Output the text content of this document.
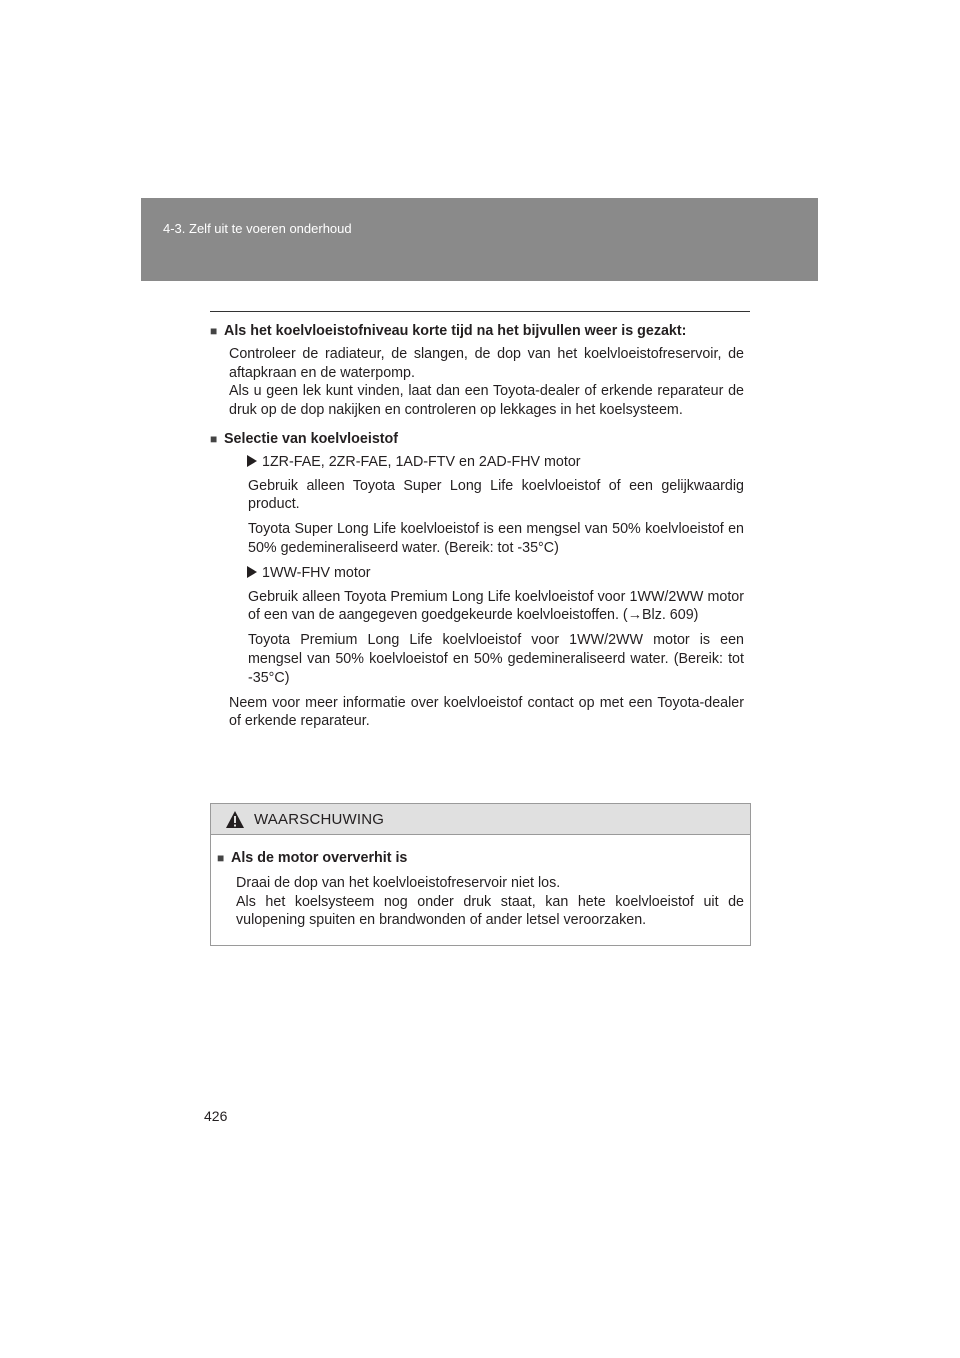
4-3. Zelf uit te voeren onderhoud
■ Als het koelvloeistofniveau korte tijd na het bijvullen weer is gezakt:
Controleer de radiateur, de slangen, de dop van het koelvloeistofreservoir, de aftapkraan en de waterpomp.
Als u geen lek kunt vinden, laat dan een Toyota-dealer of erkende reparateur de druk op de dop nakijken en controleren op lekkages in het koelsysteem.
■ Selectie van koelvloeistof
1ZR-FAE, 2ZR-FAE, 1AD-FTV en 2AD-FHV motor
Gebruik alleen Toyota Super Long Life koelvloeistof of een gelijkwaardig product.
Toyota Super Long Life koelvloeistof is een mengsel van 50% koelvloeistof en 50% gedemineraliseerd water. (Bereik: tot -35°C)
1WW-FHV motor
Gebruik alleen Toyota Premium Long Life koelvloeistof voor 1WW/2WW motor of een van de aangegeven goedgekeurde koelvloeistoffen. (→Blz. 609)
Toyota Premium Long Life koelvloeistof voor 1WW/2WW motor is een mengsel van 50% koelvloeistof en 50% gedemineraliseerd water. (Bereik: tot -35°C)
Neem voor meer informatie over koelvloeistof contact op met een Toyota-dealer of erkende reparateur.
WAARSCHUWING
■ Als de motor oververhit is
Draai de dop van het koelvloeistofreservoir niet los.
Als het koelsysteem nog onder druk staat, kan hete koelvloeistof uit de vulopening spuiten en brandwonden of ander letsel veroorzaken.
426
